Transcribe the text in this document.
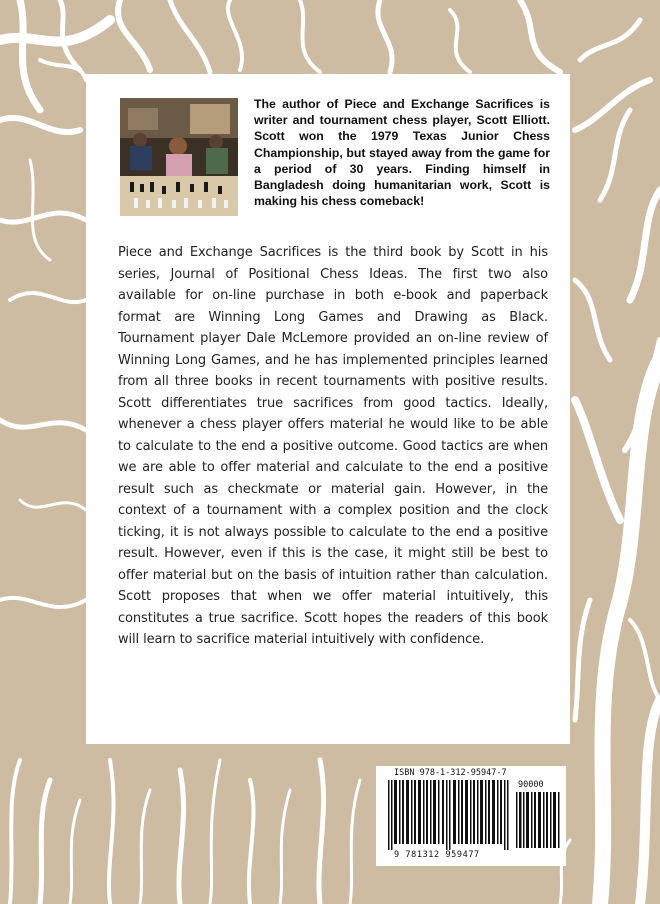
The author of Piece and Exchange Sacrifices is writer and tournament chess player, Scott Elliott. Scott won the 1979 Texas Junior Chess Championship, but stayed away from the game for a period of 30 years. Finding himself in Bangladesh doing humanitarian work, Scott is making his chess comeback!

Piece and Exchange Sacrifices is the third book by Scott in his series, Journal of Positional Chess Ideas. The first two also available for on-line purchase in both e-book and paperback format are Winning Long Games and Drawing as Black. Tournament player Dale McLemore provided an on-line review of Winning Long Games, and he has implemented principles learned from all three books in recent tournaments with positive results. Scott differentiates true sacrifices from good tactics. Ideally, whenever a chess player offers material he would like to be able to calculate to the end a positive outcome. Good tactics are when we are able to offer material and calculate to the end a positive result such as checkmate or material gain. However, in the context of a tournament with a complex position and the clock ticking, it is not always possible to calculate to the end a positive result. However, even if this is the case, it might still be best to offer material but on the basis of intuition rather than calculation. Scott proposes that when we offer material intuitively, this constitutes a true sacrifice. Scott hopes the readers of this book will learn to sacrifice material intuitively with confidence.

ISBN 978-1-312-95947-7

90000

9 781312 959477
